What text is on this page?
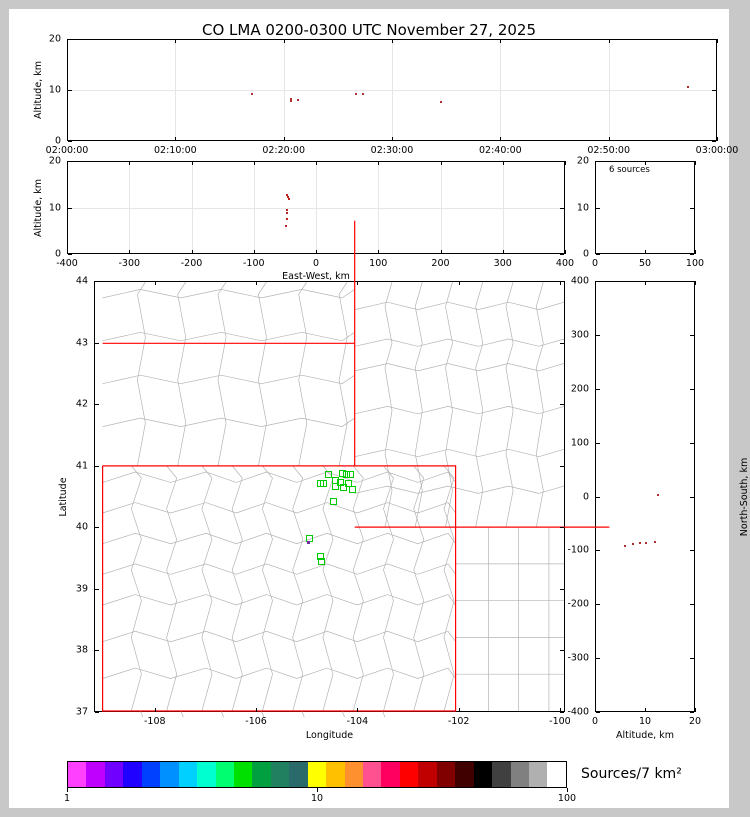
CO LMA 0200-0300 UTC November 27, 2025
6 sources
Sources/7 km²
02:00:00	02:10:00	02:20:00	02:30:00	02:40:00	02:50:00	03:00:00
0
10
20
Altitude, km
-400	-300	-200	-100	0	100	200	300	400
0
10
20
Altitude, km
East-West, km
0	50	100
0
10
20
-108	-106	-104	-102	-100
37
38
39
40
41
42
43
44
Latitude
Longitude
0	10	20
-400
-300
-200
-100
0
100
200
300
400
North-South, km
Altitude, km
1	10	100
